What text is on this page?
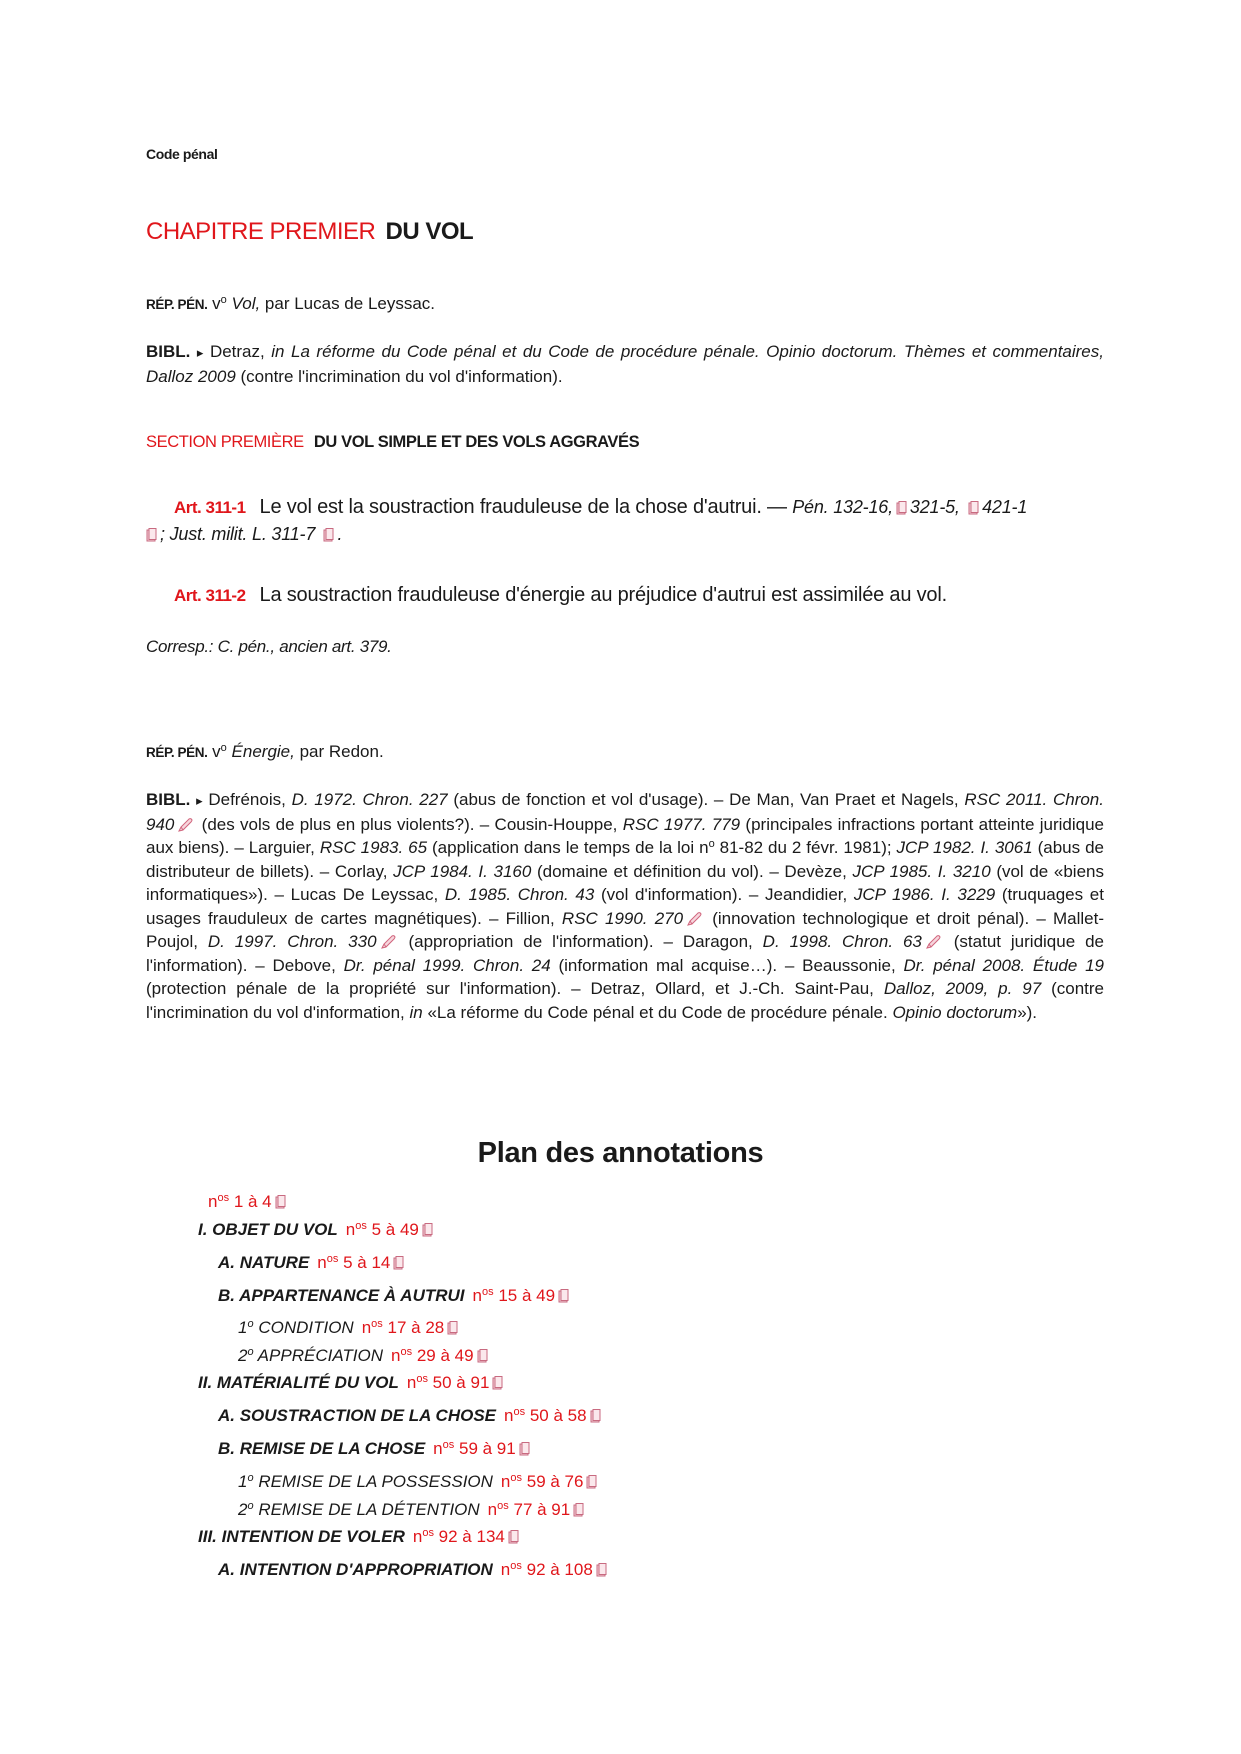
Code pénal
CHAPITRE PREMIER DU VOL
RÉP. PÉN. $v^o$ Vol, par Lucas de Leyssac.
BIBL. ▸ Detraz, in La réforme du Code pénal et du Code de procédure pénale. Opinio doctorum. Thèmes et commentaires, Dalloz 2009 (contre l'incrimination du vol d'information).
SECTION PREMIÈRE DU VOL SIMPLE ET DES VOLS AGGRAVÉS
Art. 311-1 Le vol est la soustraction frauduleuse de la chose d'autrui. — Pén. 132-16, 321-5, 421-1
; Just. milit. L. 311-7 .
Art. 311-2 La soustraction frauduleuse d'énergie au préjudice d'autrui est assimilée au vol.
Corresp.: C. pén., ancien art. 379.
RÉP. PÉN. $v^o$ Énergie, par Redon.
BIBL. ▸ Defrénois, D. 1972. Chron. 227 (abus de fonction et vol d'usage). – De Man, Van Praet et Nagels, RSC 2011. Chron. 940 (des vols de plus en plus violents?). – Cousin-Houppe, RSC 1977. 779 (principales infractions portant atteinte juridique aux biens). – Larguier, RSC 1983. 65 (application dans le temps de la loi $n^o$ 81-82 du 2 févr. 1981); JCP 1982. I. 3061 (abus de distributeur de billets). – Corlay, JCP 1984. I. 3160 (domaine et définition du vol). – Devèze, JCP 1985. I. 3210 (vol de «biens informatiques»). – Lucas De Leyssac, D. 1985. Chron. 43 (vol d'information). – Jeandidier, JCP 1986. I. 3229 (truquages et usages frauduleux de cartes magnétiques). – Fillion, RSC 1990. 270 (innovation technologique et droit pénal). – Mallet-Poujol, D. 1997. Chron. 330 (appropriation de l'information). – Daragon, D. 1998. Chron. 63 (statut juridique de l'information). – Debove, Dr. pénal 1999. Chron. 24 (information mal acquise…). – Beaussonie, Dr. pénal 2008. Étude 19 (protection pénale de la propriété sur l'information). – Detraz, Ollard, et J.-Ch. Saint-Pau, Dalloz, 2009, p. 97 (contre l'incrimination du vol d'information, in «La réforme du Code pénal et du Code de procédure pénale. Opinio doctorum»).
Plan des annotations
$n^{os}$ 1 à 4
I. OBJET DU VOL $n^{os}$ 5 à 49
A. NATURE $n^{os}$ 5 à 14
B. APPARTENANCE À AUTRUI $n^{os}$ 15 à 49
1$^o$ CONDITION $n^{os}$ 17 à 28
2$^o$ APPRÉCIATION $n^{os}$ 29 à 49
II. MATÉRIALITÉ DU VOL $n^{os}$ 50 à 91
A. SOUSTRACTION DE LA CHOSE $n^{os}$ 50 à 58
B. REMISE DE LA CHOSE $n^{os}$ 59 à 91
1$^o$ REMISE DE LA POSSESSION $n^{os}$ 59 à 76
2$^o$ REMISE DE LA DÉTENTION $n^{os}$ 77 à 91
III. INTENTION DE VOLER $n^{os}$ 92 à 134
A. INTENTION D'APPROPRIATION $n^{os}$ 92 à 108
